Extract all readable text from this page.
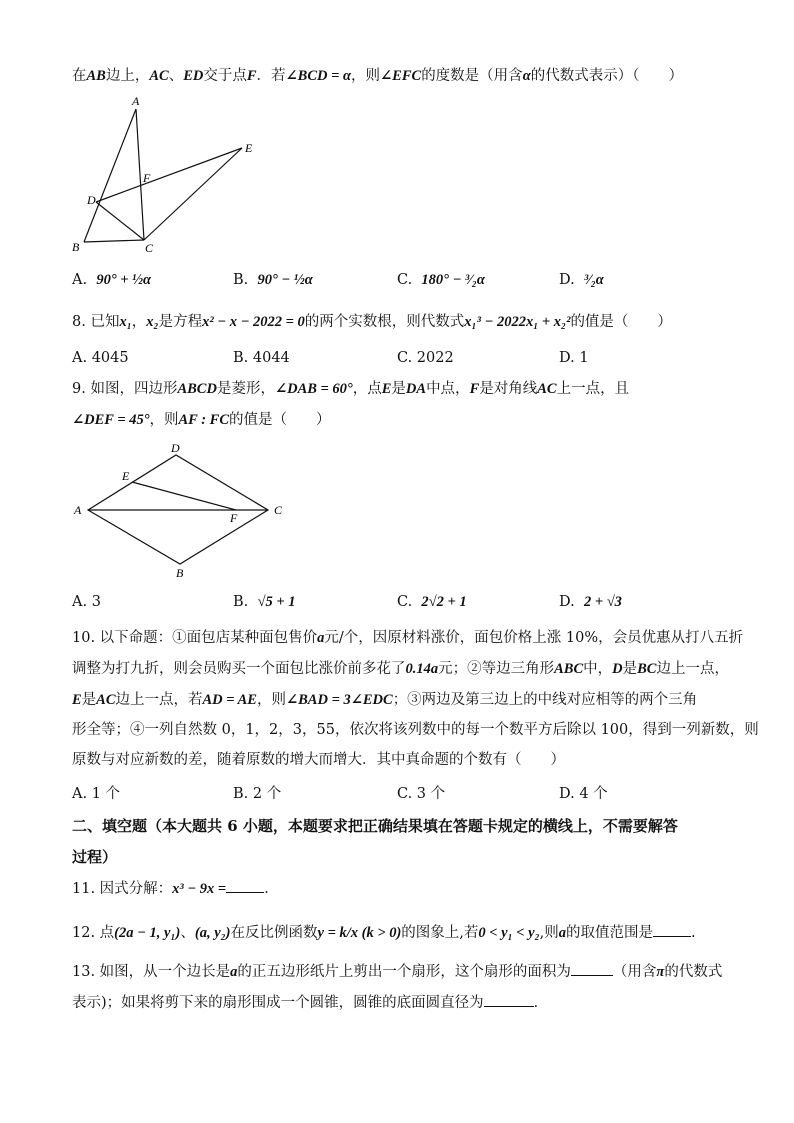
在AB边上，AC、ED交于点F．若∠BCD = α，则∠EFC的度数是（用含α的代数式表示）（　　）
A
B	C
D
E
F
A. 90° + ½α	B. 90° − ½α	C. 180° − ³⁄₂α	D. ³⁄₂α
8. 已知x₁，x₂是方程x² − x − 2022 = 0的两个实数根，则代数式x₁³ − 2022x₁ + x₂²的值是（　　）
A. 4045	B. 4044	C. 2022	D. 1
9. 如图，四边形ABCD是菱形，∠DAB = 60°，点E是DA中点，F是对角线AC上一点，且
∠DEF = 45°，则AF : FC的值是（　　）
A
B
C
D
E
F
A. 3	B. √5 + 1	C. 2√2 + 1	D. 2 + √3
10. 以下命题：①面包店某种面包售价a元/个，因原材料涨价，面包价格上涨 10%，会员优惠从打八五折
调整为打九折，则会员购买一个面包比涨价前多花了0.14a元；②等边三角形ABC中，D是BC边上一点，
E是AC边上一点，若AD = AE，则∠BAD = 3∠EDC；③两边及第三边上的中线对应相等的两个三角
形全等；④一列自然数 0，1，2，3，55，依次将该列数中的每一个数平方后除以 100，得到一列新数，则
原数与对应新数的差，随着原数的增大而增大．其中真命题的个数有（　　）
A. 1 个	B. 2 个	C. 3 个	D. 4 个
二、填空题（本大题共 6 小题，本题要求把正确结果填在答题卡规定的横线上，不需要解答
过程）
11. 因式分解：x³ − 9x =	．
12. 点(2a − 1, y₁)、(a, y₂)在反比例函数y = k/x (k > 0)的图象上,若0 < y₁ < y₂,则a的取值范围是	.
13. 如图，从一个边长是a的正五边形纸片上剪出一个扇形，这个扇形的面积为	（用含π的代数式
表示)；如果将剪下来的扇形围成一个圆锥，圆锥的底面圆直径为	．
